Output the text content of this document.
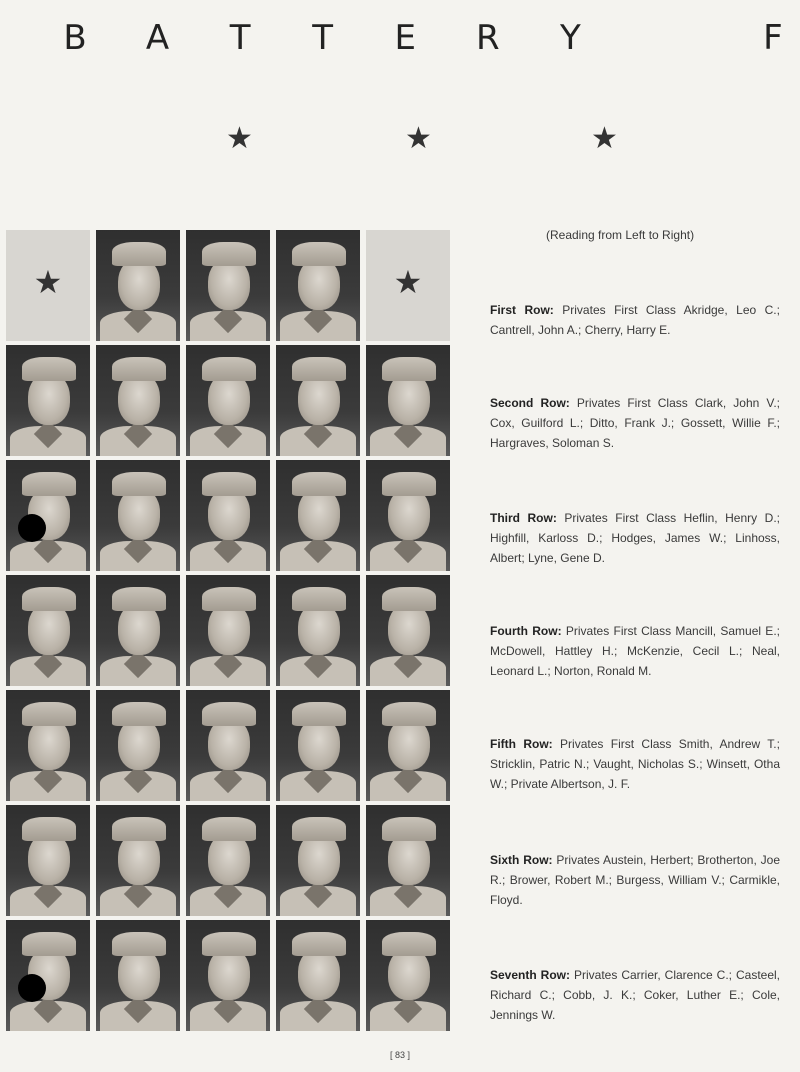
B A T T E R Y	F
★	★	★
★	★
(Reading from Left to Right)
First Row: Privates First Class Akridge, Leo C.; Cantrell, John A.; Cherry, Harry E.
Second Row: Privates First Class Clark, John V.; Cox, Guilford L.; Ditto, Frank J.; Gossett, Willie F.; Hargraves, Soloman S.
Third Row: Privates First Class Heflin, Henry D.; Highfill, Karloss D.; Hodges, James W.; Linhoss, Albert; Lyne, Gene D.
Fourth Row: Privates First Class Mancill, Samuel E.; McDowell, Hattley H.; McKenzie, Cecil L.; Neal, Leonard L.; Norton, Ronald M.
Fifth Row: Privates First Class Smith, Andrew T.; Stricklin, Patric N.; Vaught, Nicholas S.; Winsett, Otha W.; Private Albertson, J. F.
Sixth Row: Privates Austein, Herbert; Brotherton, Joe R.; Brower, Robert M.; Burgess, William V.; Carmikle, Floyd.
Seventh Row: Privates Carrier, Clarence C.; Casteel, Richard C.; Cobb, J. K.; Coker, Luther E.; Cole, Jennings W.
[ 83 ]
